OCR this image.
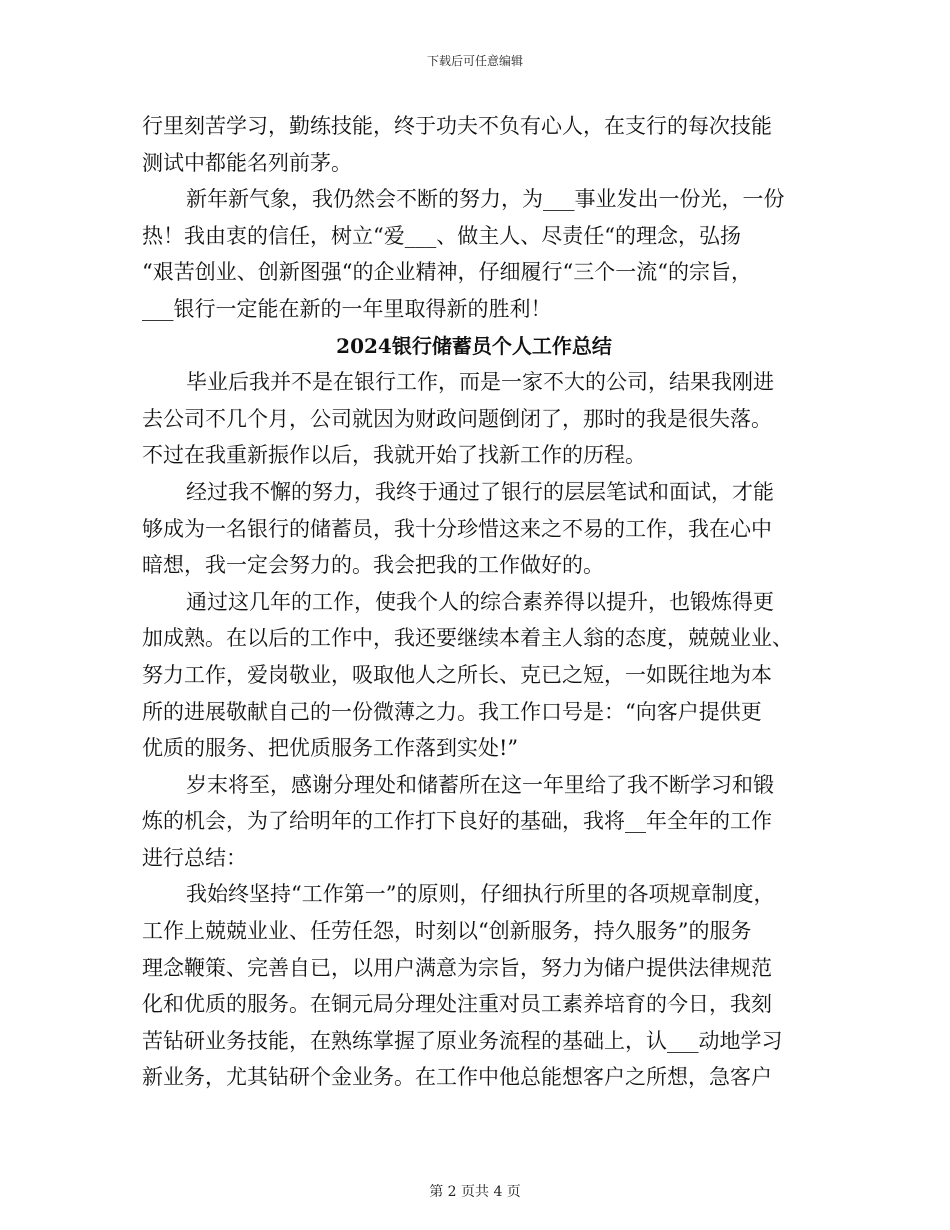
下载后可任意编辑
行里刻苦学习，勤练技能，终于功夫不负有心人，在支行的每次技能
测试中都能名列前茅。
新年新气象，我仍然会不断的努力，为___事业发出一份光，一份
热！我由衷的信任，树立“爱___、做主人、尽责任“的理念，弘扬
“艰苦创业、创新图强“的企业精神，仔细履行“三个一流“的宗旨，
___银行一定能在新的一年里取得新的胜利！
2024银行储蓄员个人工作总结
毕业后我并不是在银行工作，而是一家不大的公司，结果我刚进
去公司不几个月，公司就因为财政问题倒闭了，那时的我是很失落。
不过在我重新振作以后，我就开始了找新工作的历程。
经过我不懈的努力，我终于通过了银行的层层笔试和面试，才能
够成为一名银行的储蓄员，我十分珍惜这来之不易的工作，我在心中
暗想，我一定会努力的。我会把我的工作做好的。
通过这几年的工作，使我个人的综合素养得以提升，也锻炼得更
加成熟。在以后的工作中，我还要继续本着主人翁的态度，兢兢业业、
努力工作，爱岗敬业，吸取他人之所长、克已之短，一如既往地为本
所的进展敬献自己的一份微薄之力。我工作口号是：“向客户提供更
优质的服务、把优质服务工作落到实处!”
岁末将至，感谢分理处和储蓄所在这一年里给了我不断学习和锻
炼的机会，为了给明年的工作打下良好的基础，我将__年全年的工作
进行总结：
我始终坚持“工作第一”的原则，仔细执行所里的各项规章制度，
工作上兢兢业业、任劳任怨，时刻以“创新服务，持久服务”的服务
理念鞭策、完善自已，以用户满意为宗旨，努力为储户提供法律规范
化和优质的服务。在铜元局分理处注重对员工素养培育的今日，我刻
苦钻研业务技能，在熟练掌握了原业务流程的基础上，认___动地学习
新业务，尤其钻研个金业务。在工作中他总能想客户之所想，急客户
第 2 页共 4 页
